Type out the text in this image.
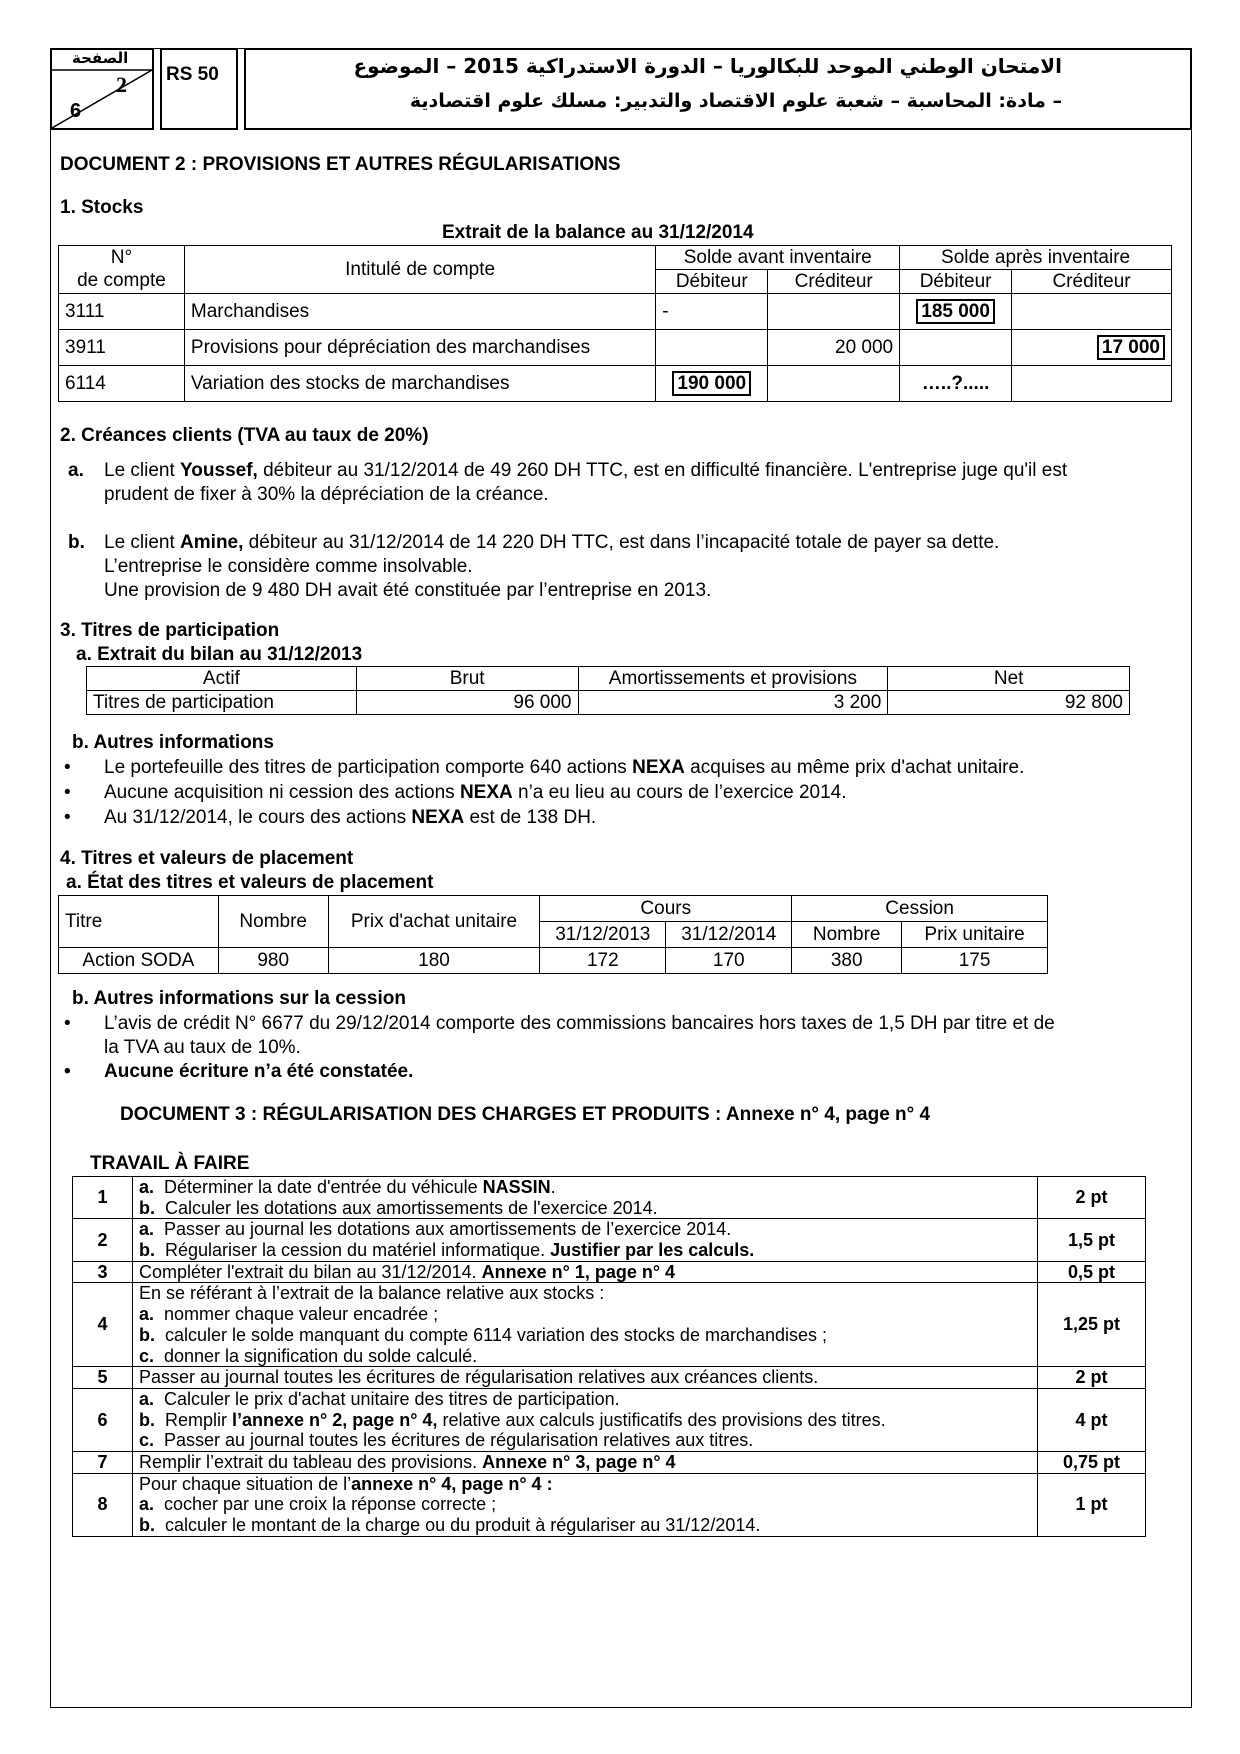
الصفحة
2
6
RS 50	الامتحان الوطني الموحد للبكالوريا – الدورة الاستدراكية 2015 – الموضوع
– مادة: المحاسبة – شعبة علوم الاقتصاد والتدبير: مسلك علوم اقتصادية
DOCUMENT 2 : PROVISIONS ET AUTRES RÉGULARISATIONS
1. Stocks
Extrait de la balance au 31/12/2014
N°	Intitulé de compte	Solde avant inventaire		Solde après inventaire	
de compte		Débiteur	Créditeur	Débiteur	Créditeur
3111	Marchandises	-		185 000	
3911	Provisions pour dépréciation des marchandises		20 000		17 000
6114	Variation des stocks de marchandises	190 000		…..?.....	
2. Créances clients (TVA au taux de 20%)
a. Le client Youssef, débiteur au 31/12/2014 de 49 260 DH TTC, est en difficulté financière. L'entreprise juge qu'il est
prudent de fixer à 30% la dépréciation de la créance.
b. Le client Amine, débiteur au 31/12/2014 de 14 220 DH TTC, est dans l’incapacité totale de payer sa dette.
L’entreprise le considère comme insolvable.
Une provision de 9 480 DH avait été constituée par l’entreprise en 2013.
3. Titres de participation
a. Extrait du bilan au 31/12/2013
Actif	Brut	Amortissements et provisions	Net
Titres de participation	96 000	3 200	92 800
b. Autres informations
• Le portefeuille des titres de participation comporte 640 actions NEXA acquises au même prix d'achat unitaire.
• Aucune acquisition ni cession des actions NEXA n’a eu lieu au cours de l’exercice 2014.
• Au 31/12/2014, le cours des actions NEXA est de 138 DH.
4. Titres et valeurs de placement
a. État des titres et valeurs de placement
Titre	Nombre	Prix d'achat unitaire	Cours		Cession	
			31/12/2013	31/12/2014	Nombre	Prix unitaire
Action SODA	980	180	172	170	380	175
b. Autres informations sur la cession
• L’avis de crédit N° 6677 du 29/12/2014 comporte des commissions bancaires hors taxes de 1,5 DH par titre et de
la TVA au taux de 10%.
• Aucune écriture n’a été constatée.
DOCUMENT 3 : RÉGULARISATION DES CHARGES ET PRODUITS : Annexe n° 4, page n° 4
TRAVAIL À FAIRE
1	a. Déterminer la date d'entrée du véhicule NASSIN.
b. Calculer les dotations aux amortissements de l'exercice 2014.	2 pt
2	a. Passer au journal les dotations aux amortissements de l’exercice 2014.
b. Régulariser la cession du matériel informatique. Justifier par les calculs.	1,5 pt
3	Compléter l'extrait du bilan au 31/12/2014. Annexe n° 1, page n° 4	0,5 pt
4	En se référant à l’extrait de la balance relative aux stocks :
a. nommer chaque valeur encadrée ;
b. calculer le solde manquant du compte 6114 variation des stocks de marchandises ;
c. donner la signification du solde calculé.	1,25 pt
5	Passer au journal toutes les écritures de régularisation relatives aux créances clients.	2 pt
6	a. Calculer le prix d'achat unitaire des titres de participation.
b. Remplir l’annexe n° 2, page n° 4, relative aux calculs justificatifs des provisions des titres.
c. Passer au journal toutes les écritures de régularisation relatives aux titres.	4 pt
7	Remplir l’extrait du tableau des provisions. Annexe n° 3, page n° 4	0,75 pt
8	Pour chaque situation de l’annexe n° 4, page n° 4 :
a. cocher par une croix la réponse correcte ;
b. calculer le montant de la charge ou du produit à régulariser au 31/12/2014.	1 pt
